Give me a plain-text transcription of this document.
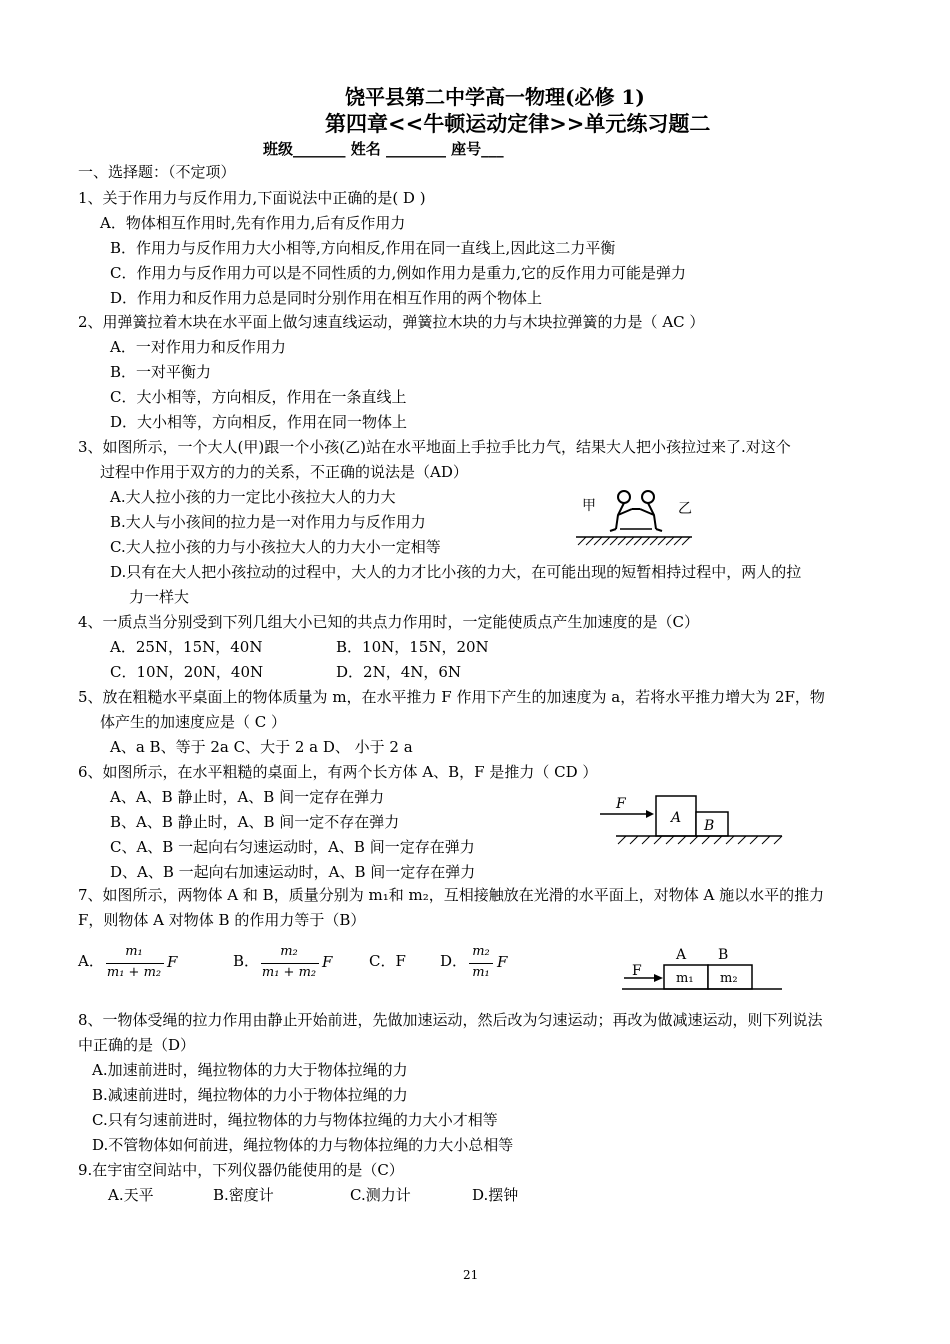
饶平县第二中学高一物理(必修 1)
第四章<<牛顿运动定律>>单元练习题二
班级_______ 姓名 ________ 座号___
一、选择题：（不定项）
1、关于作用力与反作用力,下面说法中正确的是( D )
A．物体相互作用时,先有作用力,后有反作用力
B．作用力与反作用力大小相等,方向相反,作用在同一直线上,因此这二力平衡
C．作用力与反作用力可以是不同性质的力,例如作用力是重力,它的反作用力可能是弹力
D．作用力和反作用力总是同时分别作用在相互作用的两个物体上
2、用弹簧拉着木块在水平面上做匀速直线运动，弹簧拉木块的力与木块拉弹簧的力是（ AC ）
A．一对作用力和反作用力
B．一对平衡力
C．大小相等，方向相反，作用在一条直线上
D．大小相等，方向相反，作用在同一物体上
3、如图所示，一个大人(甲)跟一个小孩(乙)站在水平地面上手拉手比力气，结果大人把小孩拉过来了.对这个
过程中作用于双方的力的关系，不正确的说法是（AD）
A.大人拉小孩的力一定比小孩拉大人的力大
B.大人与小孩间的拉力是一对作用力与反作用力
C.大人拉小孩的力与小孩拉大人的力大小一定相等
D.只有在大人把小孩拉动的过程中，大人的力才比小孩的力大，在可能出现的短暂相持过程中，两人的拉
力一样大
甲	乙
4、一质点当分别受到下列几组大小已知的共点力作用时，一定能使质点产生加速度的是（C）
A．25N，15N，40N	B．10N，15N，20N
C．10N，20N，40N	D．2N，4N，6N
5、放在粗糙水平桌面上的物体质量为 m，在水平推力 F 作用下产生的加速度为 a，若将水平推力增大为 2F，物
体产生的加速度应是（ C ）
A、a B、等于 2a C、大于 2 a D、 小于 2 a
6、如图所示，在水平粗糙的桌面上，有两个长方体 A、B，F 是推力（ CD ）
A、A、B 静止时，A、B 间一定存在弹力
B、A、B 静止时，A、B 间一定不存在弹力
C、A、B 一起向右匀速运动时，A、B 间一定存在弹力
D、A、B 一起向右加速运动时，A、B 间一定存在弹力
F
A B
7、如图所示，两物体 A 和 B，质量分别为 m₁和 m₂，互相接触放在光滑的水平面上，对物体 A 施以水平的推力
F，则物体 A 对物体 B 的作用力等于（B）
A．
m₁
m₁ + m₂
F	B．
m₂
m₁ + m₂
F C．F D．
m₂
m₁
F	A B
F	m₁ m₂
8、一物体受绳的拉力作用由静止开始前进，先做加速运动，然后改为匀速运动；再改为做减速运动，则下列说法
中正确的是（D）
A.加速前进时，绳拉物体的力大于物体拉绳的力
B.减速前进时，绳拉物体的力小于物体拉绳的力
C.只有匀速前进时，绳拉物体的力与物体拉绳的力大小才相等
D.不管物体如何前进，绳拉物体的力与物体拉绳的力大小总相等
9.在宇宙空间站中，下列仪器仍能使用的是（C）
A.天平	B.密度计	C.测力计	D.摆钟
21
